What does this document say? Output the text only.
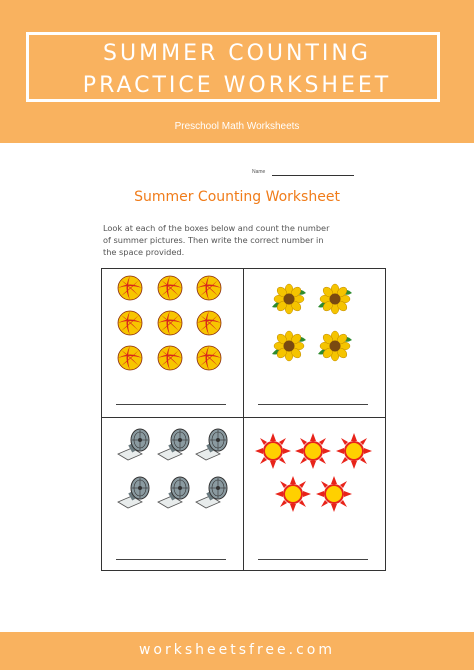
SUMMER COUNTING
PRACTICE WORKSHEET
Preschool Math Worksheets
Name
Summer Counting Worksheet
Look at each of the boxes below and count the number
of summer pictures. Then write the correct number in
the space provided.
worksheetsfree.com
